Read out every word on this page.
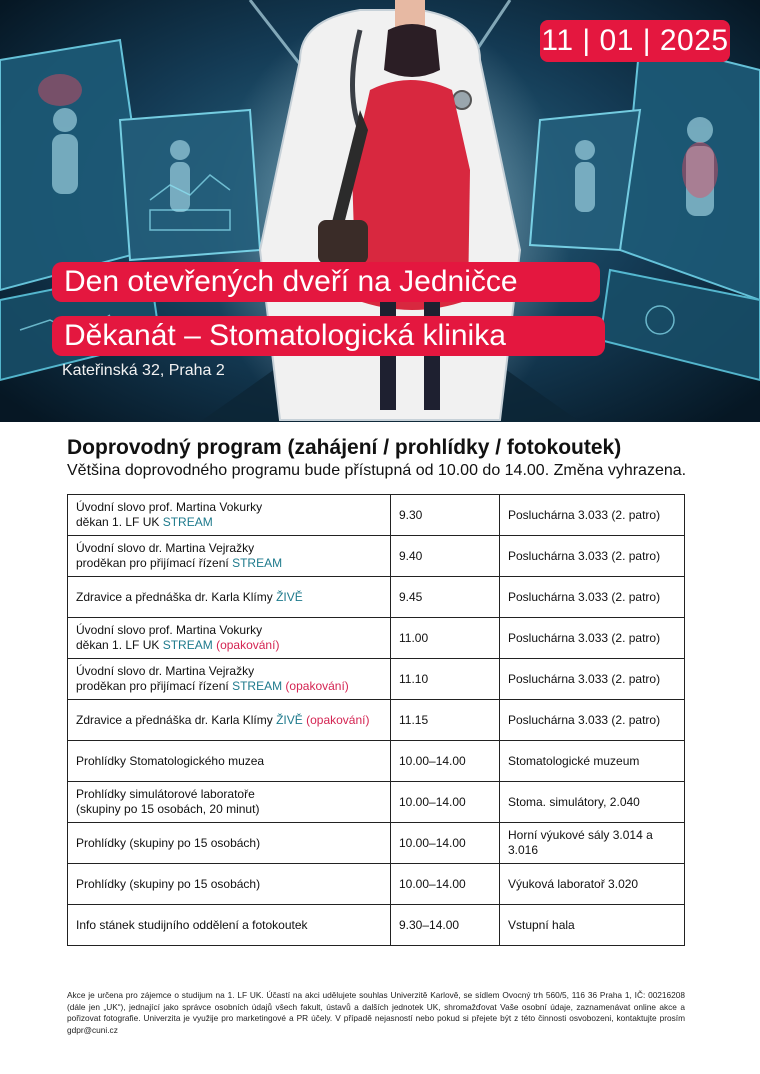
11 | 01 | 2025
Den otevřených dveří na Jedničce
Děkanát – Stomatologická klinika
Kateřinská 32, Praha 2
Doprovodný program (zahájení / prohlídky / fotokoutek)
Většina doprovodného programu bude přístupná od 10.00 do 14.00. Změna vyhrazena.
Úvodní slovo prof. Martina Vokurky
děkan 1. LF UK STREAM	9.30	Posluchárna 3.033 (2. patro)
Úvodní slovo dr. Martina Vejražky
proděkan pro přijímací řízení STREAM	9.40	Posluchárna 3.033 (2. patro)
Zdravice a přednáška dr. Karla Klímy ŽIVĚ	9.45	Posluchárna 3.033 (2. patro)
Úvodní slovo prof. Martina Vokurky
děkan 1. LF UK STREAM (opakování)	11.00	Posluchárna 3.033 (2. patro)
Úvodní slovo dr. Martina Vejražky
proděkan pro přijímací řízení STREAM (opakování)	11.10	Posluchárna 3.033 (2. patro)
Zdravice a přednáška dr. Karla Klímy ŽIVĚ (opakování)	11.15	Posluchárna 3.033 (2. patro)
Prohlídky Stomatologického muzea	10.00–14.00	Stomatologické muzeum
Prohlídky simulátorové laboratoře
(skupiny po 15 osobách, 20 minut)	10.00–14.00	Stoma. simulátory, 2.040
Prohlídky (skupiny po 15 osobách)	10.00–14.00	Horní výukové sály 3.014 a 3.016
Prohlídky (skupiny po 15 osobách)	10.00–14.00	Výuková laboratoř 3.020
Info stánek studijního oddělení a fotokoutek	9.30–14.00	Vstupní hala
Akce je určena pro zájemce o studijum na 1. LF UK. Účastí na akci udělujete souhlas Univerzitě Karlově, se sídlem Ovocný trh 560/5, 116 36 Praha 1, IČ: 00216208 (dále jen „UK“), jednající jako správce osobních údajů všech fakult, ústavů a dalších jednotek UK, shromažďovat Vaše osobní údaje, zaznamenávat online akce a pořizovat fotografie. Univerzita je využije pro marketingové a PR účely. V případě nejasností nebo pokud si přejete být z této činnosti osvobozeni, kontaktujte prosím gdpr@cuni.cz
